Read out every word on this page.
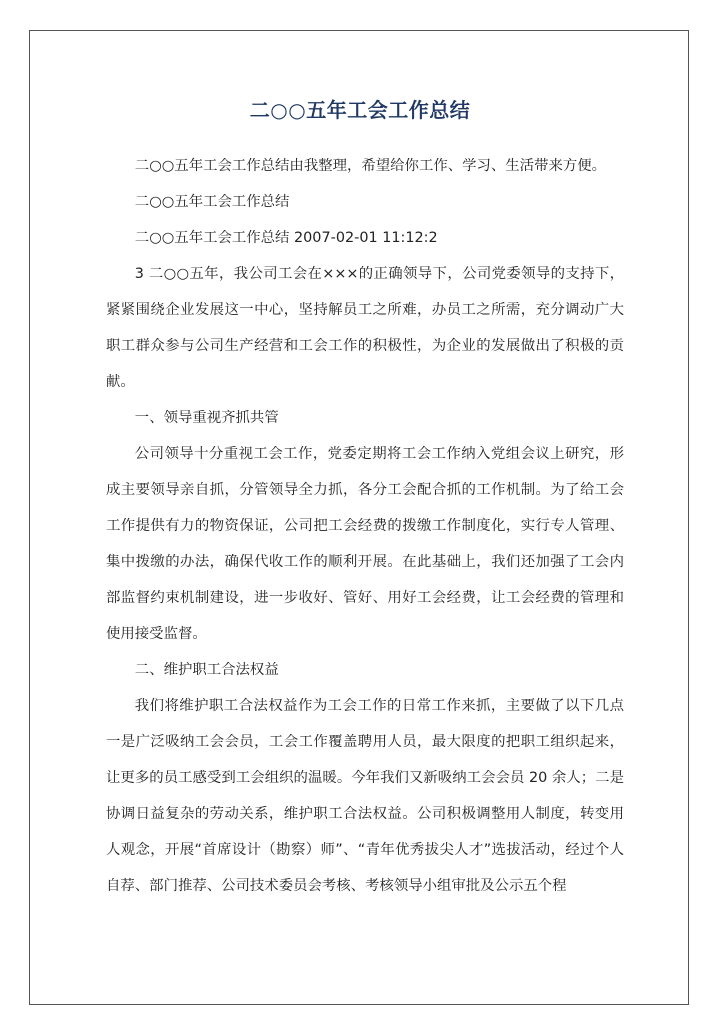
二○○五年工会工作总结

二○○五年工会工作总结由我整理，希望给你工作、学习、生活带来方便。

二○○五年工会工作总结

二○○五年工会工作总结 2007-02-01 11:12:2

3 二○○五年，我公司工会在×××的正确领导下，公司党委领导的支持下，紧紧围绕企业发展这一中心，坚持解员工之所难，办员工之所需，充分调动广大职工群众参与公司生产经营和工会工作的积极性，为企业的发展做出了积极的贡献。

一、领导重视齐抓共管

公司领导十分重视工会工作，党委定期将工会工作纳入党组会议上研究，形成主要领导亲自抓，分管领导全力抓，各分工会配合抓的工作机制。为了给工会工作提供有力的物资保证，公司把工会经费的拨缴工作制度化，实行专人管理、集中拨缴的办法，确保代收工作的顺利开展。在此基础上，我们还加强了工会内部监督约束机制建设，进一步收好、管好、用好工会经费，让工会经费的管理和使用接受监督。

二、维护职工合法权益

我们将维护职工合法权益作为工会工作的日常工作来抓，主要做了以下几点一是广泛吸纳工会会员，工会工作覆盖聘用人员，最大限度的把职工组织起来，让更多的员工感受到工会组织的温暖。今年我们又新吸纳工会会员 20 余人；二是协调日益复杂的劳动关系，维护职工合法权益。公司积极调整用人制度，转变用人观念，开展“首席设计（勘察）师”、“青年优秀拔尖人才”选拔活动，经过个人自荐、部门推荐、公司技术委员会考核、考核领导小组审批及公示五个程
